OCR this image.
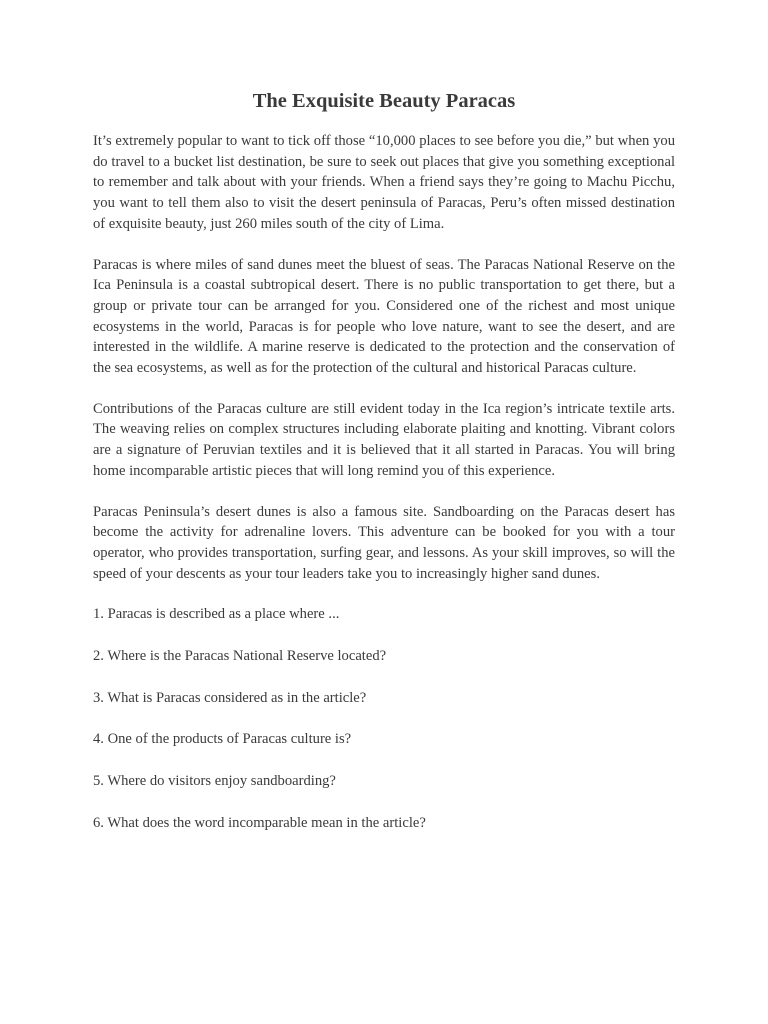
The Exquisite Beauty Paracas

It’s extremely popular to want to tick off those “10,000 places to see before you die,” but when you do travel to a bucket list destination, be sure to seek out places that give you something exceptional to remember and talk about with your friends. When a friend says they’re going to Machu Picchu, you want to tell them also to visit the desert peninsula of Paracas, Peru’s often missed destination of exquisite beauty, just 260 miles south of the city of Lima.

Paracas is where miles of sand dunes meet the bluest of seas. The Paracas National Reserve on the Ica Peninsula is a coastal subtropical desert. There is no public transportation to get there, but a group or private tour can be arranged for you. Considered one of the richest and most unique ecosystems in the world, Paracas is for people who love nature, want to see the desert, and are interested in the wildlife. A marine reserve is dedicated to the protection and the conservation of the sea ecosystems, as well as for the protection of the cultural and historical Paracas culture.

Contributions of the Paracas culture are still evident today in the Ica region’s intricate textile arts. The weaving relies on complex structures including elaborate plaiting and knotting. Vibrant colors are a signature of Peruvian textiles and it is believed that it all started in Paracas. You will bring home incomparable artistic pieces that will long remind you of this experience.

Paracas Peninsula’s desert dunes is also a famous site. Sandboarding on the Paracas desert has become the activity for adrenaline lovers. This adventure can be booked for you with a tour operator, who provides transportation, surfing gear, and lessons. As your skill improves, so will the speed of your descents as your tour leaders take you to increasingly higher sand dunes.

1. Paracas is described as a place where ...
2. Where is the Paracas National Reserve located?
3. What is Paracas considered as in the article?
4. One of the products of Paracas culture is?
5. Where do visitors enjoy sandboarding?
6. What does the word incomparable mean in the article?
